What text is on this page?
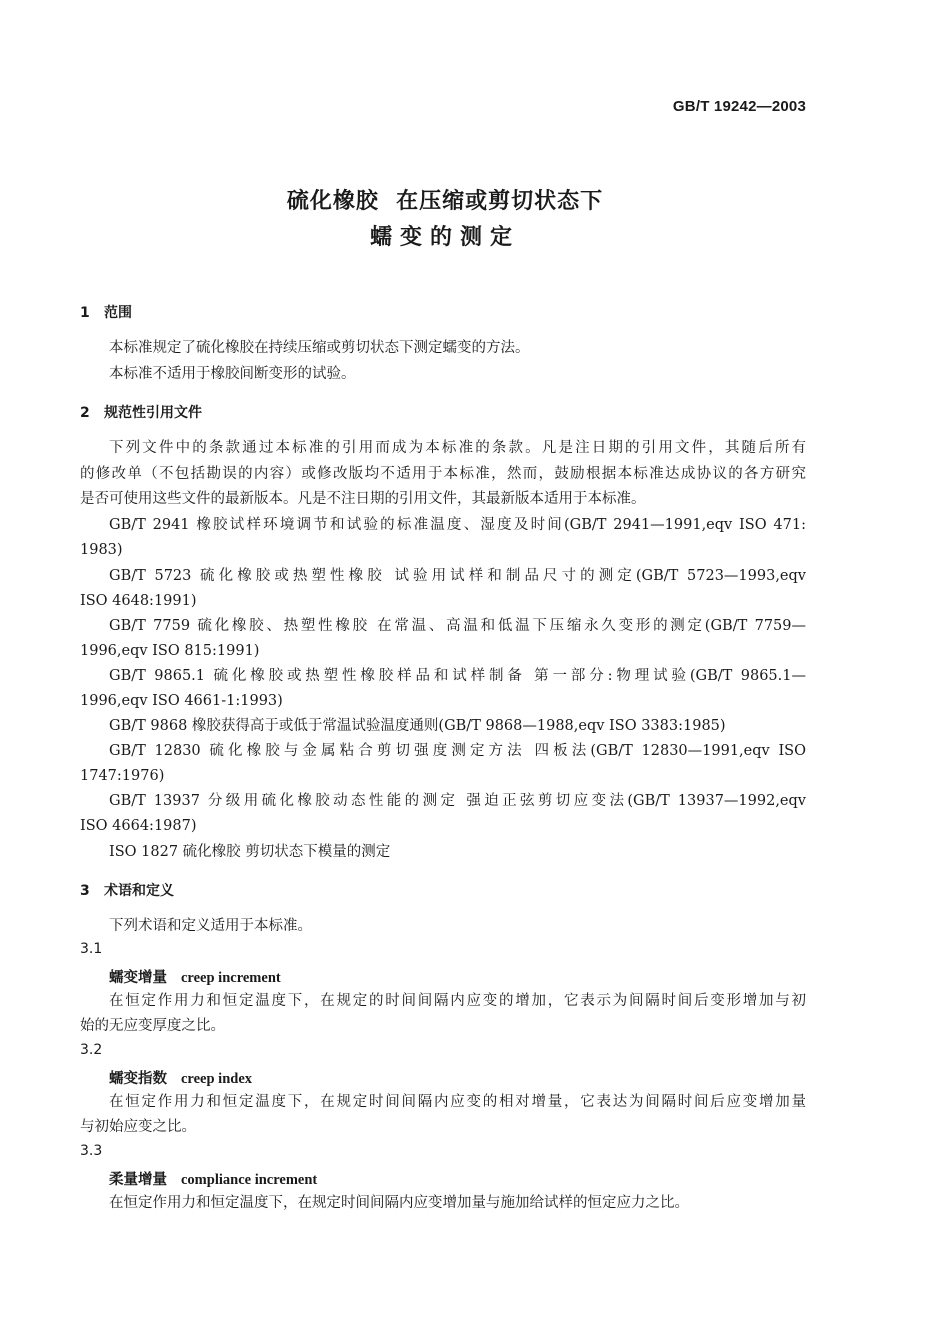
GB/T 19242—2003
硫化橡胶  在压缩或剪切状态下
蠕变的测定
1 范围
本标准规定了硫化橡胶在持续压缩或剪切状态下测定蠕变的方法。
本标准不适用于橡胶间断变形的试验。
2 规范性引用文件
下列文件中的条款通过本标准的引用而成为本标准的条款。凡是注日期的引用文件，其随后所有
的修改单（不包括勘误的内容）或修改版均不适用于本标准，然而，鼓励根据本标准达成协议的各方研究
是否可使用这些文件的最新版本。凡是不注日期的引用文件，其最新版本适用于本标准。
GB/T 2941 橡胶试样环境调节和试验的标准温度、湿度及时间(GB/T 2941—1991,eqv ISO 471:
1983)
GB/T 5723 硫化橡胶或热塑性橡胶 试验用试样和制品尺寸的测定(GB/T 5723—1993,eqv
ISO 4648:1991)
GB/T 7759 硫化橡胶、热塑性橡胶 在常温、高温和低温下压缩永久变形的测定(GB/T 7759—
1996,eqv ISO 815:1991)
GB/T 9865.1 硫化橡胶或热塑性橡胶样品和试样制备 第一部分:物理试验(GB/T 9865.1—
1996,eqv ISO 4661-1:1993)
GB/T 9868 橡胶获得高于或低于常温试验温度通则(GB/T 9868—1988,eqv ISO 3383:1985)
GB/T 12830 硫化橡胶与金属粘合剪切强度测定方法 四板法(GB/T 12830—1991,eqv ISO
1747:1976)
GB/T 13937 分级用硫化橡胶动态性能的测定 强迫正弦剪切应变法(GB/T 13937—1992,eqv
ISO 4664:1987)
ISO 1827 硫化橡胶 剪切状态下模量的测定
3 术语和定义
下列术语和定义适用于本标准。
3.1
蠕变增量 creep increment
在恒定作用力和恒定温度下，在规定的时间间隔内应变的增加，它表示为间隔时间后变形增加与初
始的无应变厚度之比。
3.2
蠕变指数 creep index
在恒定作用力和恒定温度下，在规定时间间隔内应变的相对增量，它表达为间隔时间后应变增加量
与初始应变之比。
3.3
柔量增量 compliance increment
在恒定作用力和恒定温度下，在规定时间间隔内应变增加量与施加给试样的恒定应力之比。
